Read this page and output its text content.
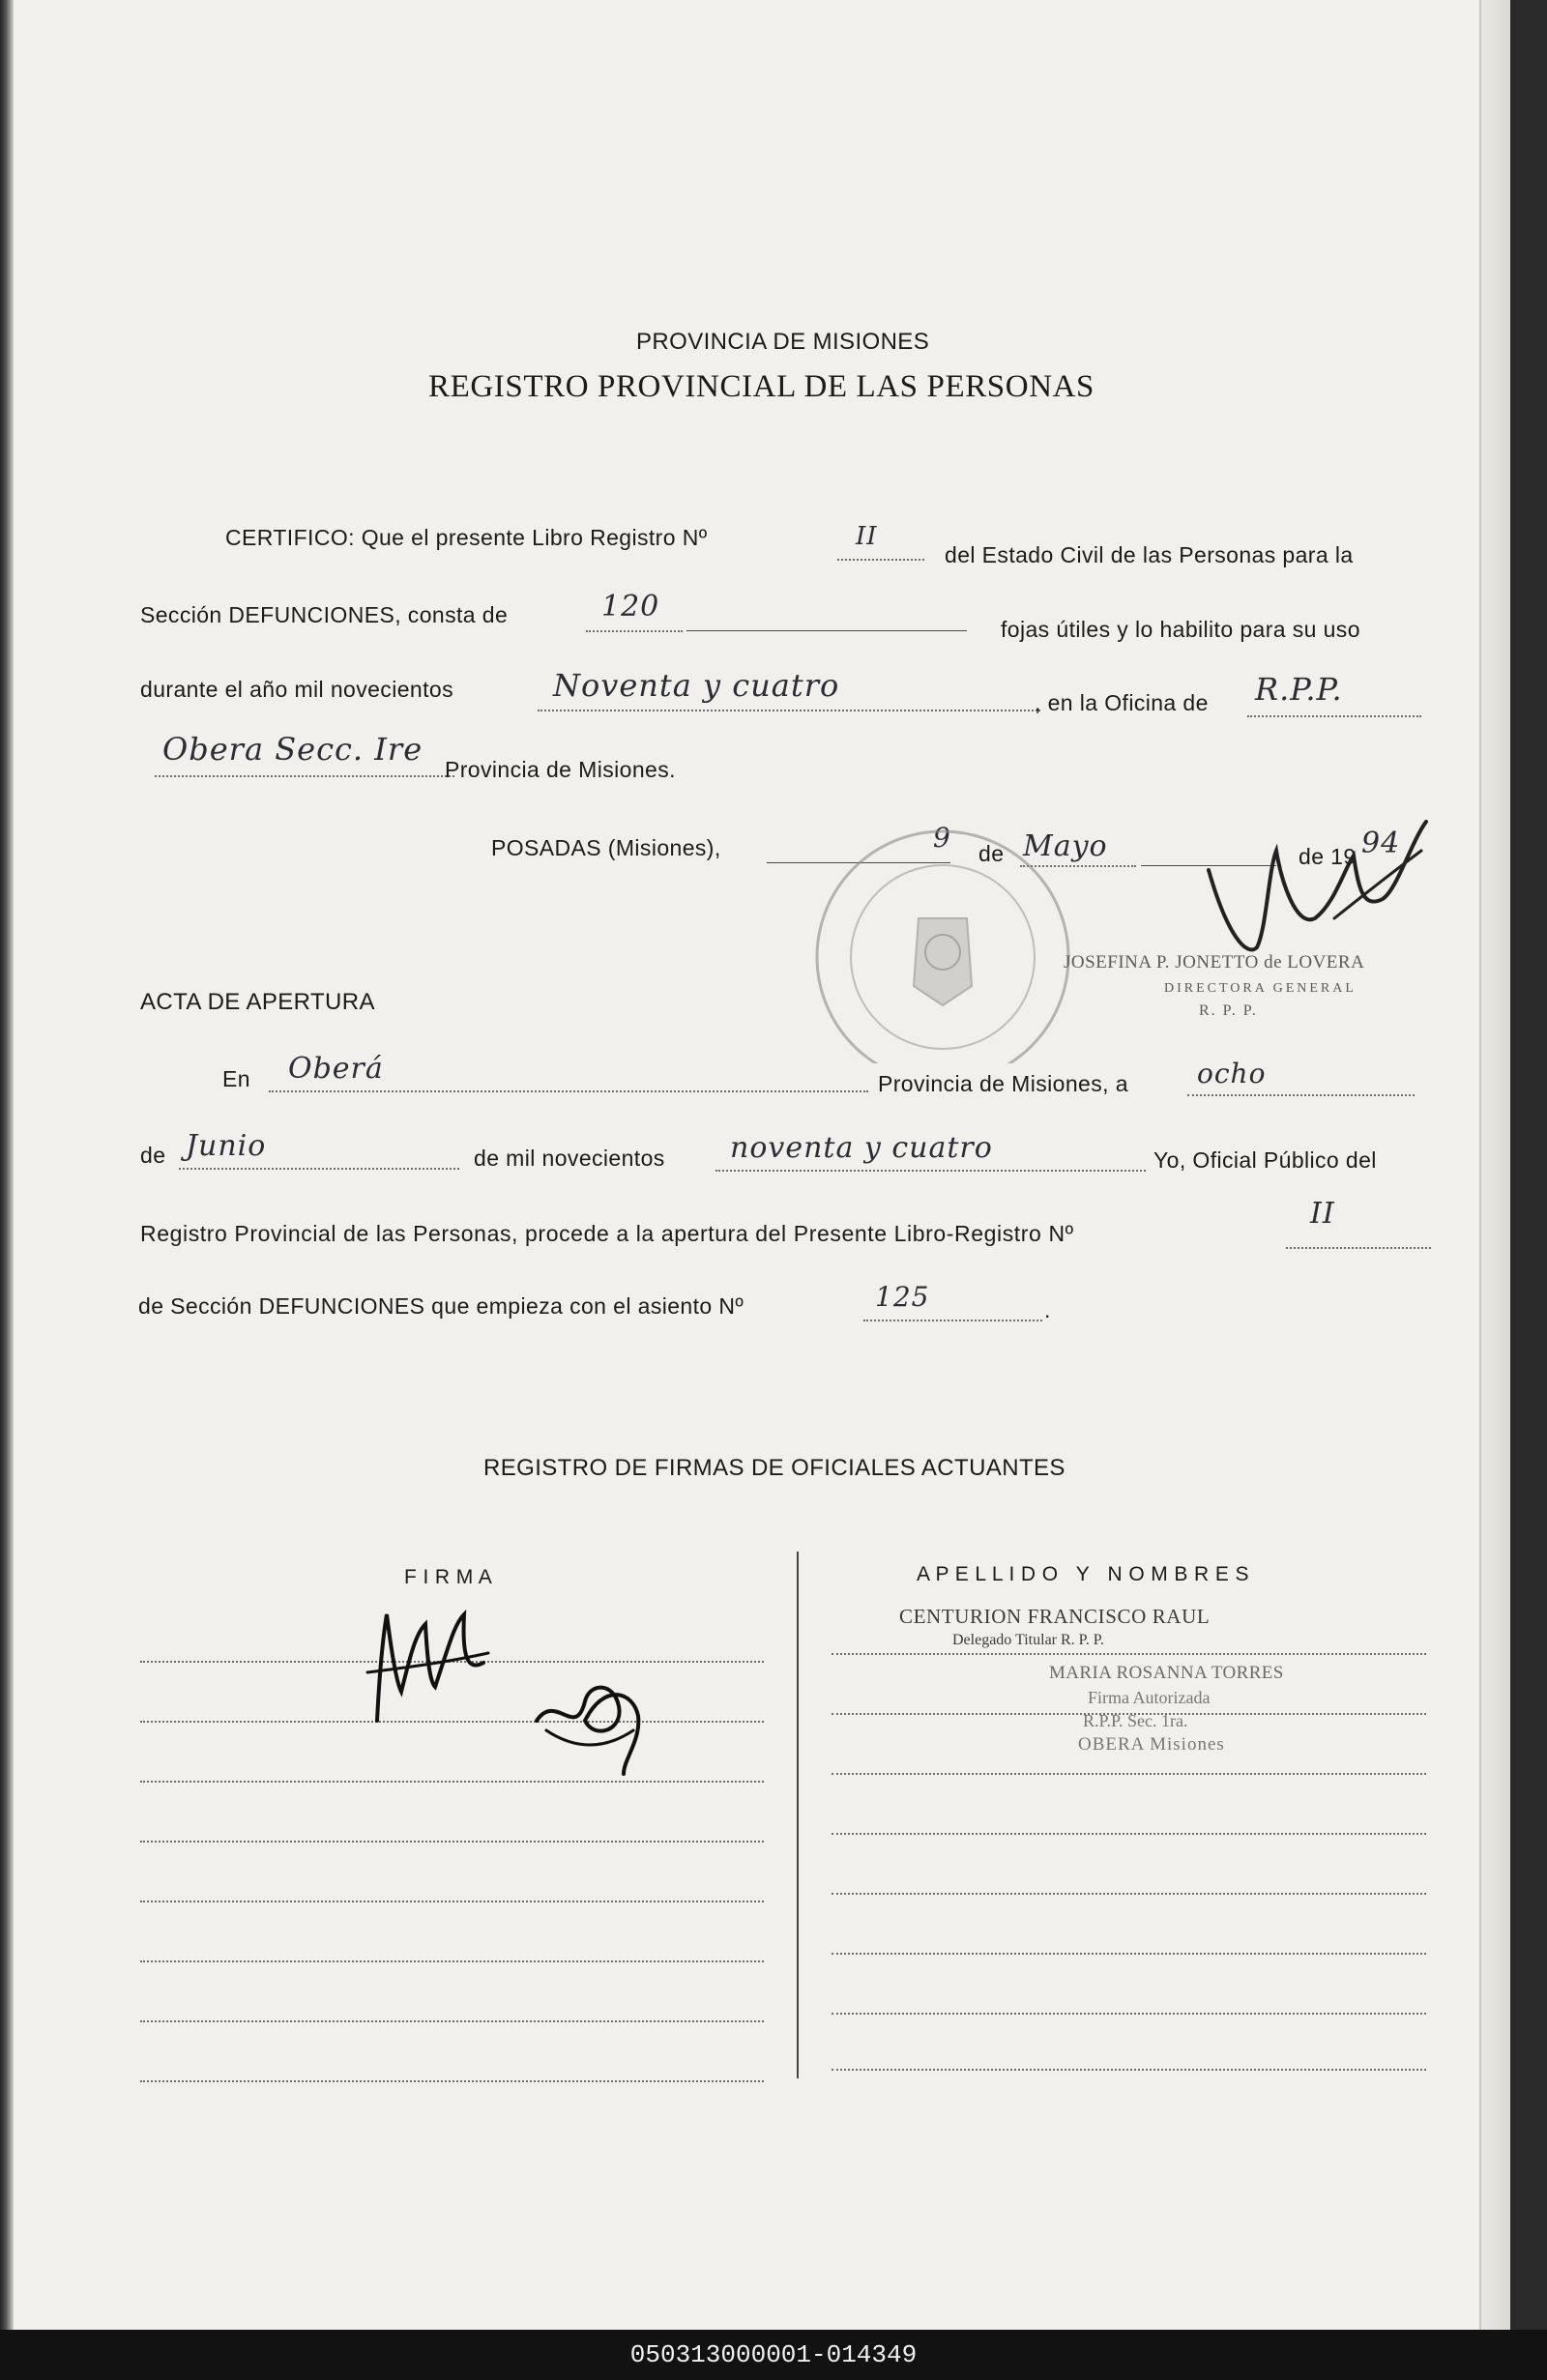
PROVINCIA DE MISIONES
REGISTRO PROVINCIAL DE LAS PERSONAS
CERTIFICO: Que el presente Libro Registro Nº	II
del Estado Civil de las Personas para la
Sección DEFUNCIONES, consta de	120
fojas útiles y lo habilito para su uso
durante el año mil novecientos	Noventa y cuatro	, en la Oficina de R.P.P.
Obera Secc. Ire
Provincia de Misiones.
POSADAS (Misiones),	9 de Mayo	de 19 94
JOSEFINA P. JONETTO de LOVERA
DIRECTORA GENERAL
R. P. P.
ACTA DE APERTURA
En Oberá	Provincia de Misiones, a	ocho
de Junio	de mil novecientos noventa y cuatro	Yo, Oficial Público del
Registro Provincial de las Personas, procede a la apertura del Presente Libro-Registro Nº
II
de Sección DEFUNCIONES que empieza con el asiento Nº	125	.
REGISTRO DE FIRMAS DE OFICIALES ACTUANTES
F I R M A	A P E L L I D O   Y   N O M B R E S
CENTURION FRANCISCO RAUL
Delegado Titular R. P. P.
MARIA ROSANNA TORRES
Firma Autorizada
R.P.P. Sec. 1ra.
OBERA Misiones
050313000001-014349
